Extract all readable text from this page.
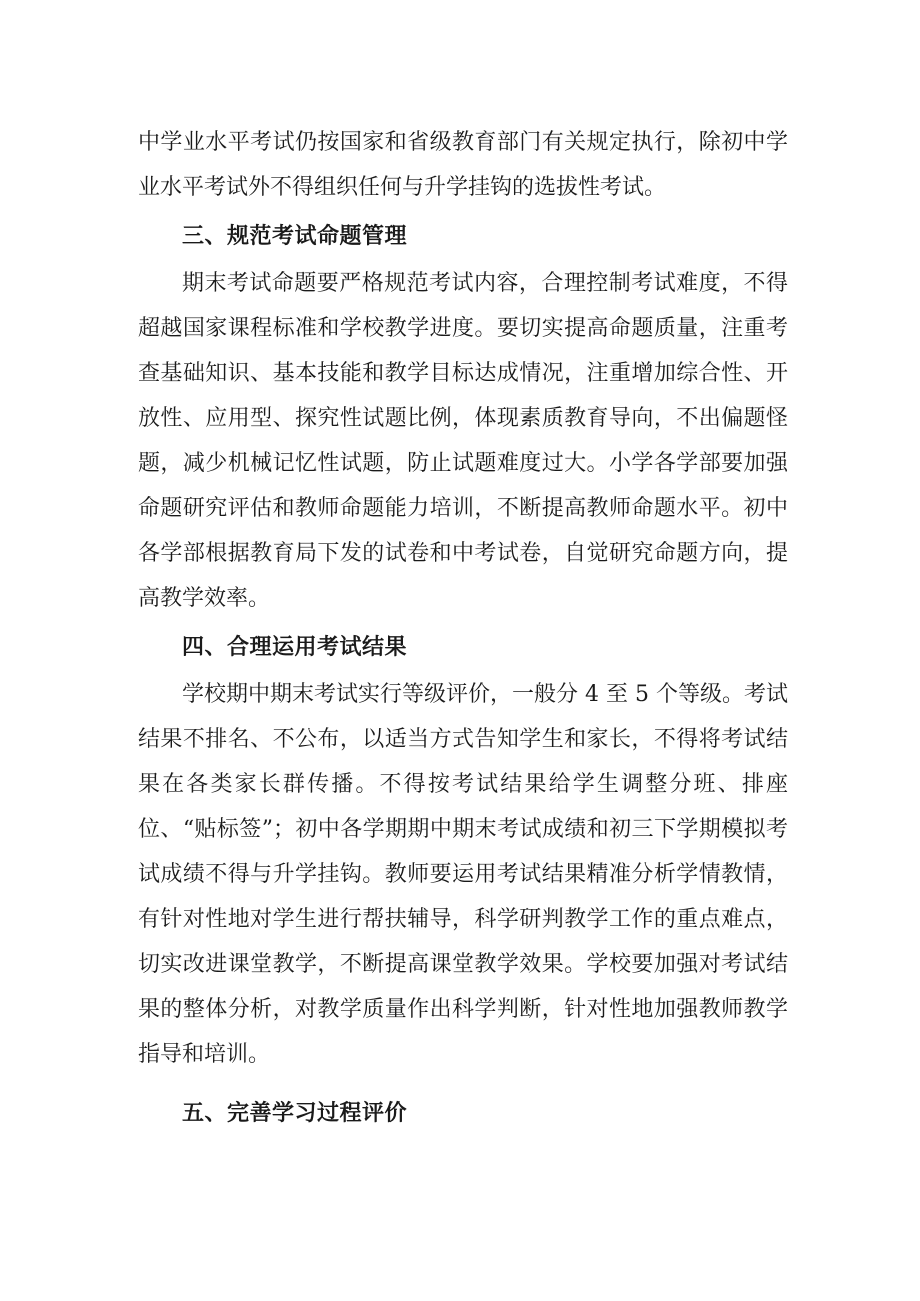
中学业水平考试仍按国家和省级教育部门有关规定执行，除初中学业水平考试外不得组织任何与升学挂钩的选拔性考试。

三、规范考试命题管理

期末考试命题要严格规范考试内容，合理控制考试难度，不得超越国家课程标准和学校教学进度。要切实提高命题质量，注重考查基础知识、基本技能和教学目标达成情况，注重增加综合性、开放性、应用型、探究性试题比例，体现素质教育导向，不出偏题怪题，减少机械记忆性试题，防止试题难度过大。小学各学部要加强命题研究评估和教师命题能力培训，不断提高教师命题水平。初中各学部根据教育局下发的试卷和中考试卷，自觉研究命题方向，提高教学效率。

四、合理运用考试结果

学校期中期末考试实行等级评价，一般分 4 至 5 个等级。考试结果不排名、不公布，以适当方式告知学生和家长，不得将考试结果在各类家长群传播。不得按考试结果给学生调整分班、排座位、“贴标签”；初中各学期期中期末考试成绩和初三下学期模拟考试成绩不得与升学挂钩。教师要运用考试结果精准分析学情教情，有针对性地对学生进行帮扶辅导，科学研判教学工作的重点难点，切实改进课堂教学，不断提高课堂教学效果。学校要加强对考试结果的整体分析，对教学质量作出科学判断，针对性地加强教师教学指导和培训。

五、完善学习过程评价
